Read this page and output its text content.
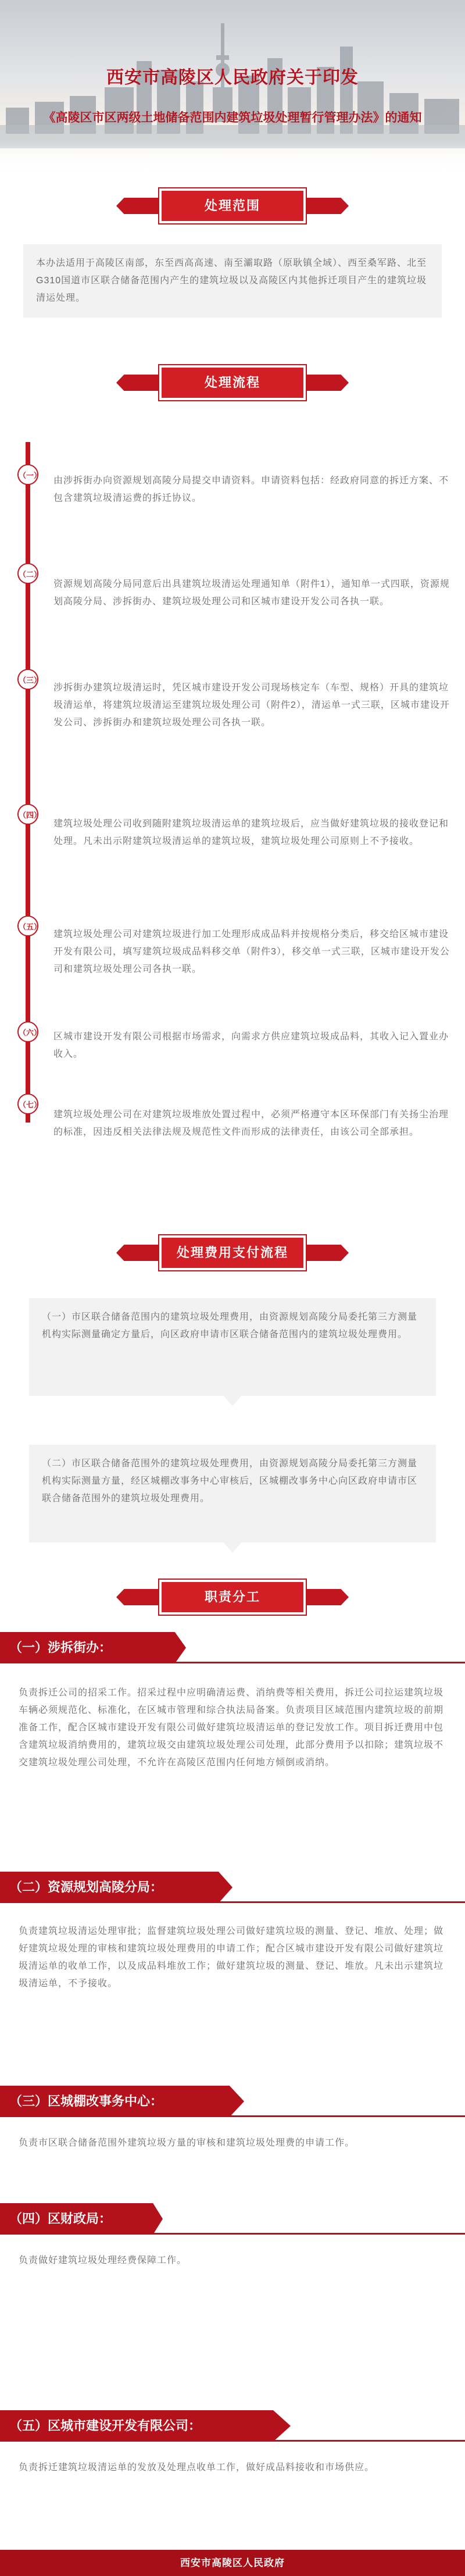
西安市高陵区人民政府关于印发
《高陵区市区两级土地储备范围内建筑垃圾处理暂行管理办法》的通知
处理范围
本办法适用于高陵区南部，东至西高高速、南至灞取路（原耿镇全域）、西至桑军路、北至G310国道市区联合储备范围内产生的建筑垃圾以及高陵区内其他拆迁项目产生的建筑垃圾清运处理。
处理流程
（一）
由涉拆街办向资源规划高陵分局提交申请资料。申请资料包括：经政府同意的拆迁方案、不包含建筑垃圾清运费的拆迁协议。
（二）
资源规划高陵分局同意后出具建筑垃圾清运处理通知单（附件1），通知单一式四联，资源规划高陵分局、涉拆街办、建筑垃圾处理公司和区城市建设开发公司各执一联。
（三）
涉拆街办建筑垃圾清运时，凭区城市建设开发公司现场核定车（车型、规格）开具的建筑垃圾清运单，将建筑垃圾清运至建筑垃圾处理公司（附件2），清运单一式三联，区城市建设开发公司、涉拆街办和建筑垃圾处理公司各执一联。
（四）
建筑垃圾处理公司收到随附建筑垃圾清运单的建筑垃圾后，应当做好建筑垃圾的接收登记和处理。凡未出示附建筑垃圾清运单的建筑垃圾，建筑垃圾处理公司原则上不予接收。
（五）
建筑垃圾处理公司对建筑垃圾进行加工处理形成成品料并按规格分类后，移交给区城市建设开发有限公司，填写建筑垃圾成品料移交单（附件3），移交单一式三联，区城市建设开发公司和建筑垃圾处理公司各执一联。
（六） 区城市建设开发有限公司根据市场需求，向需求方供应建筑垃圾成品料，其收入记入置业办收入。
（七）
建筑垃圾处理公司在对建筑垃圾堆放处置过程中，必须严格遵守本区环保部门有关扬尘治理的标准，因违反相关法律法规及规范性文件而形成的法律责任，由该公司全部承担。
处理费用支付流程
（一）市区联合储备范围内的建筑垃圾处理费用，由资源规划高陵分局委托第三方测量机构实际测量确定方量后，向区政府申请市区联合储备范围内的建筑垃圾处理费用。
（二）市区联合储备范围外的建筑垃圾处理费用，由资源规划高陵分局委托第三方测量机构实际测量方量，经区城棚改事务中心审核后，区城棚改事务中心向区政府申请市区联合储备范围外的建筑垃圾处理费用。
职责分工
（一）涉拆街办：
负责拆迁公司的招采工作。招采过程中应明确清运费、消纳费等相关费用，拆迁公司拉运建筑垃圾车辆必须规范化、标准化，在区城市管理和综合执法局备案。负责项目区域范围内建筑垃圾的前期准备工作，配合区城市建设开发有限公司做好建筑垃圾清运单的登记发放工作。项目拆迁费用中包含建筑垃圾消纳费用的，建筑垃圾交由建筑垃圾处理公司处理，此部分费用予以扣除；建筑垃圾不交建筑垃圾处理公司处理，不允许在高陵区范围内任何地方倾倒或消纳。
（二）资源规划高陵分局：
负责建筑垃圾清运处理审批；监督建筑垃圾处理公司做好建筑垃圾的测量、登记、堆放、处理；做好建筑垃圾处理的审核和建筑垃圾处理费用的申请工作；配合区城市建设开发有限公司做好建筑垃圾清运单的收单工作，以及成品料堆放工作；做好建筑垃圾的测量、登记、堆放。凡未出示建筑垃圾清运单，不予接收。
（三）区城棚改事务中心：
负责市区联合储备范围外建筑垃圾方量的审核和建筑垃圾处理费的申请工作。
（四）区财政局：
负责做好建筑垃圾处理经费保障工作。
（五）区城市建设开发有限公司：
负责拆迁建筑垃圾清运单的发放及处理点收单工作，做好成品料接收和市场供应。
西安市高陵区人民政府
